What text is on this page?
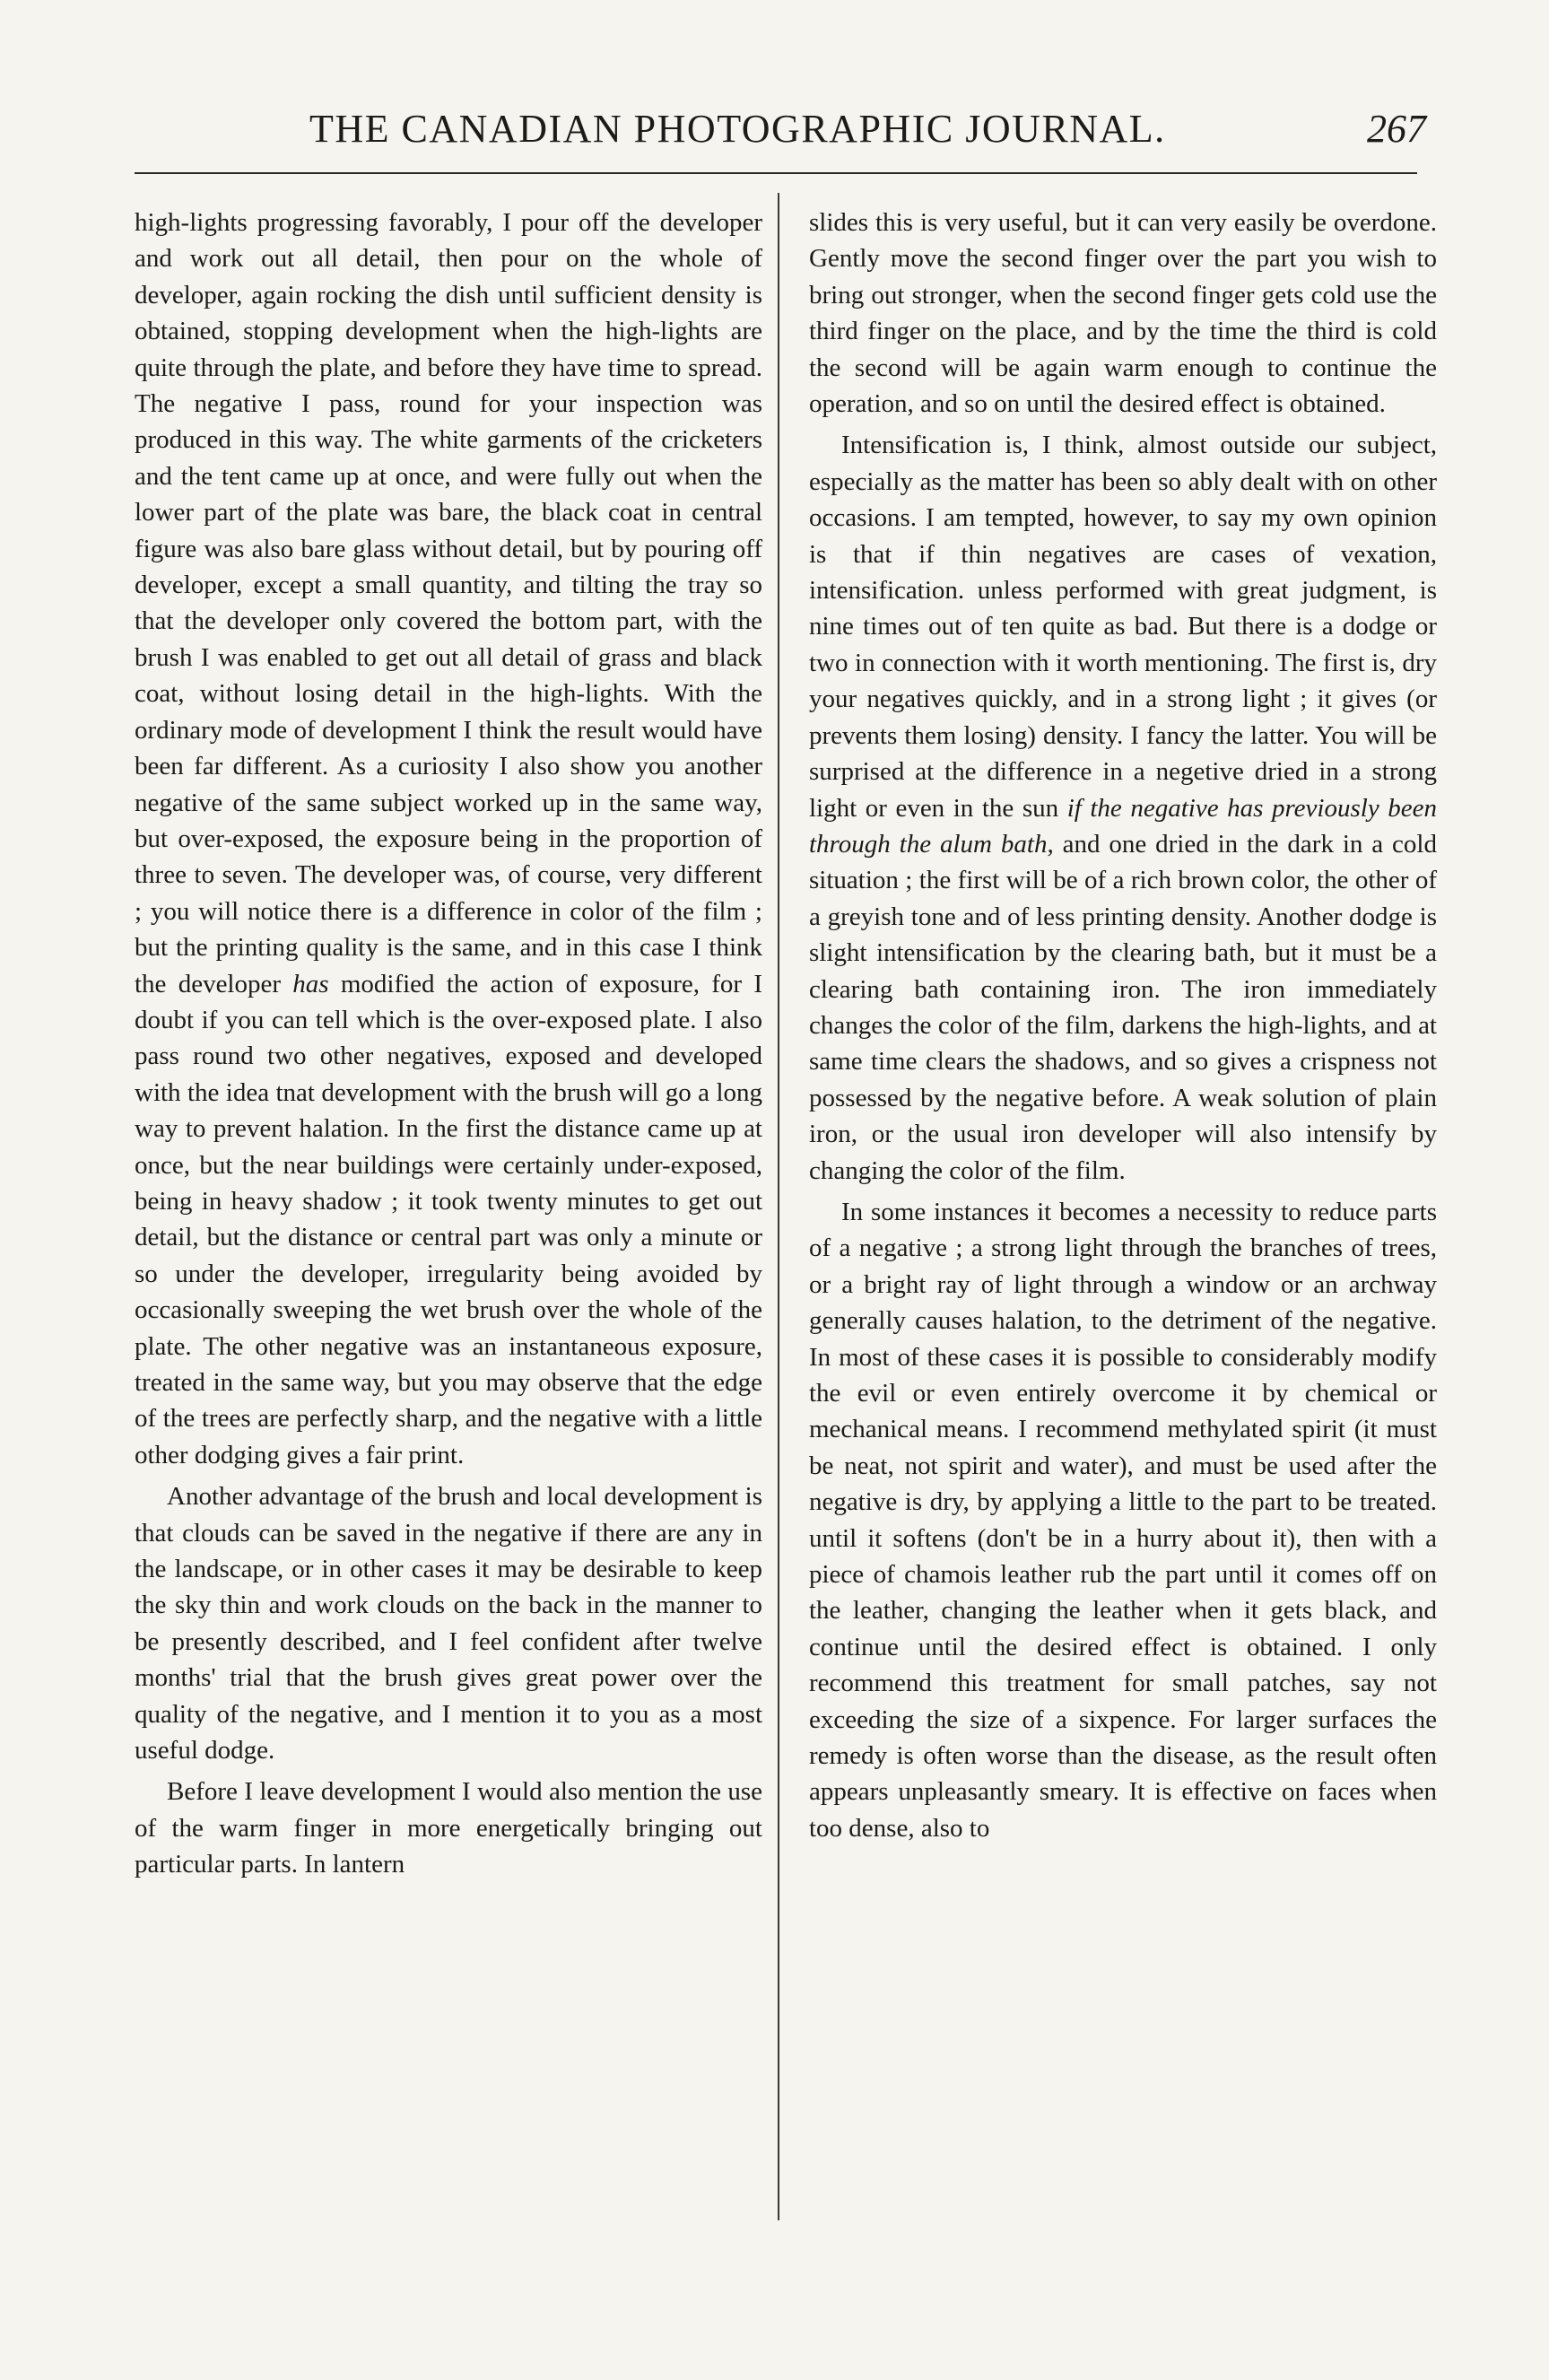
THE CANADIAN PHOTOGRAPHIC JOURNAL.	267

high-lights progressing favorably, I pour off the developer and work out all detail, then pour on the whole of developer, again rocking the dish until sufficient density is obtained, stopping development when the high-lights are quite through the plate, and before they have time to spread. The negative I pass, round for your inspection was produced in this way. The white garments of the cricketers and the tent came up at once, and were fully out when the lower part of the plate was bare, the black coat in central figure was also bare glass without detail, but by pouring off developer, except a small quantity, and tilting the tray so that the developer only covered the bottom part, with the brush I was enabled to get out all detail of grass and black coat, without losing detail in the high-lights. With the ordinary mode of development I think the result would have been far different. As a curiosity I also show you another negative of the same subject worked up in the same way, but over-exposed, the exposure being in the proportion of three to seven. The developer was, of course, very different ; you will notice there is a difference in color of the film ; but the printing quality is the same, and in this case I think the developer has modified the action of exposure, for I doubt if you can tell which is the over-exposed plate. I also pass round two other negatives, exposed and developed with the idea tnat development with the brush will go a long way to prevent halation. In the first the distance came up at once, but the near buildings were certainly under-exposed, being in heavy shadow ; it took twenty minutes to get out detail, but the distance or central part was only a minute or so under the developer, irregularity being avoided by occasionally sweeping the wet brush over the whole of the plate. The other negative was an instantaneous exposure, treated in the same way, but you may observe that the edge of the trees are perfectly sharp, and the negative with a little other dodging gives a fair print.

Another advantage of the brush and local development is that clouds can be saved in the negative if there are any in the landscape, or in other cases it may be desirable to keep the sky thin and work clouds on the back in the manner to be presently described, and I feel confident after twelve months' trial that the brush gives great power over the quality of the negative, and I mention it to you as a most useful dodge.

Before I leave development I would also mention the use of the warm finger in more energetically bringing out particular parts. In lantern

slides this is very useful, but it can very easily be overdone. Gently move the second finger over the part you wish to bring out stronger, when the second finger gets cold use the third finger on the place, and by the time the third is cold the second will be again warm enough to continue the operation, and so on until the desired effect is obtained.

Intensification is, I think, almost outside our subject, especially as the matter has been so ably dealt with on other occasions. I am tempted, however, to say my own opinion is that if thin negatives are cases of vexation, intensification. unless performed with great judgment, is nine times out of ten quite as bad. But there is a dodge or two in connection with it worth mentioning. The first is, dry your negatives quickly, and in a strong light ; it gives (or prevents them losing) density. I fancy the latter. You will be surprised at the difference in a negetive dried in a strong light or even in the sun if the negative has previously been through the alum bath, and one dried in the dark in a cold situation ; the first will be of a rich brown color, the other of a greyish tone and of less printing density. Another dodge is slight intensification by the clearing bath, but it must be a clearing bath containing iron. The iron immediately changes the color of the film, darkens the high-lights, and at same time clears the shadows, and so gives a crispness not possessed by the negative before. A weak solution of plain iron, or the usual iron developer will also intensify by changing the color of the film.

In some instances it becomes a necessity to reduce parts of a negative ; a strong light through the branches of trees, or a bright ray of light through a window or an archway generally causes halation, to the detriment of the negative. In most of these cases it is possible to considerably modify the evil or even entirely overcome it by chemical or mechanical means. I recommend methylated spirit (it must be neat, not spirit and water), and must be used after the negative is dry, by applying a little to the part to be treated. until it softens (don't be in a hurry about it), then with a piece of chamois leather rub the part until it comes off on the leather, changing the leather when it gets black, and continue until the desired effect is obtained. I only recommend this treatment for small patches, say not exceeding the size of a sixpence. For larger surfaces the remedy is often worse than the disease, as the result often appears unpleasantly smeary. It is effective on faces when too dense, also to
